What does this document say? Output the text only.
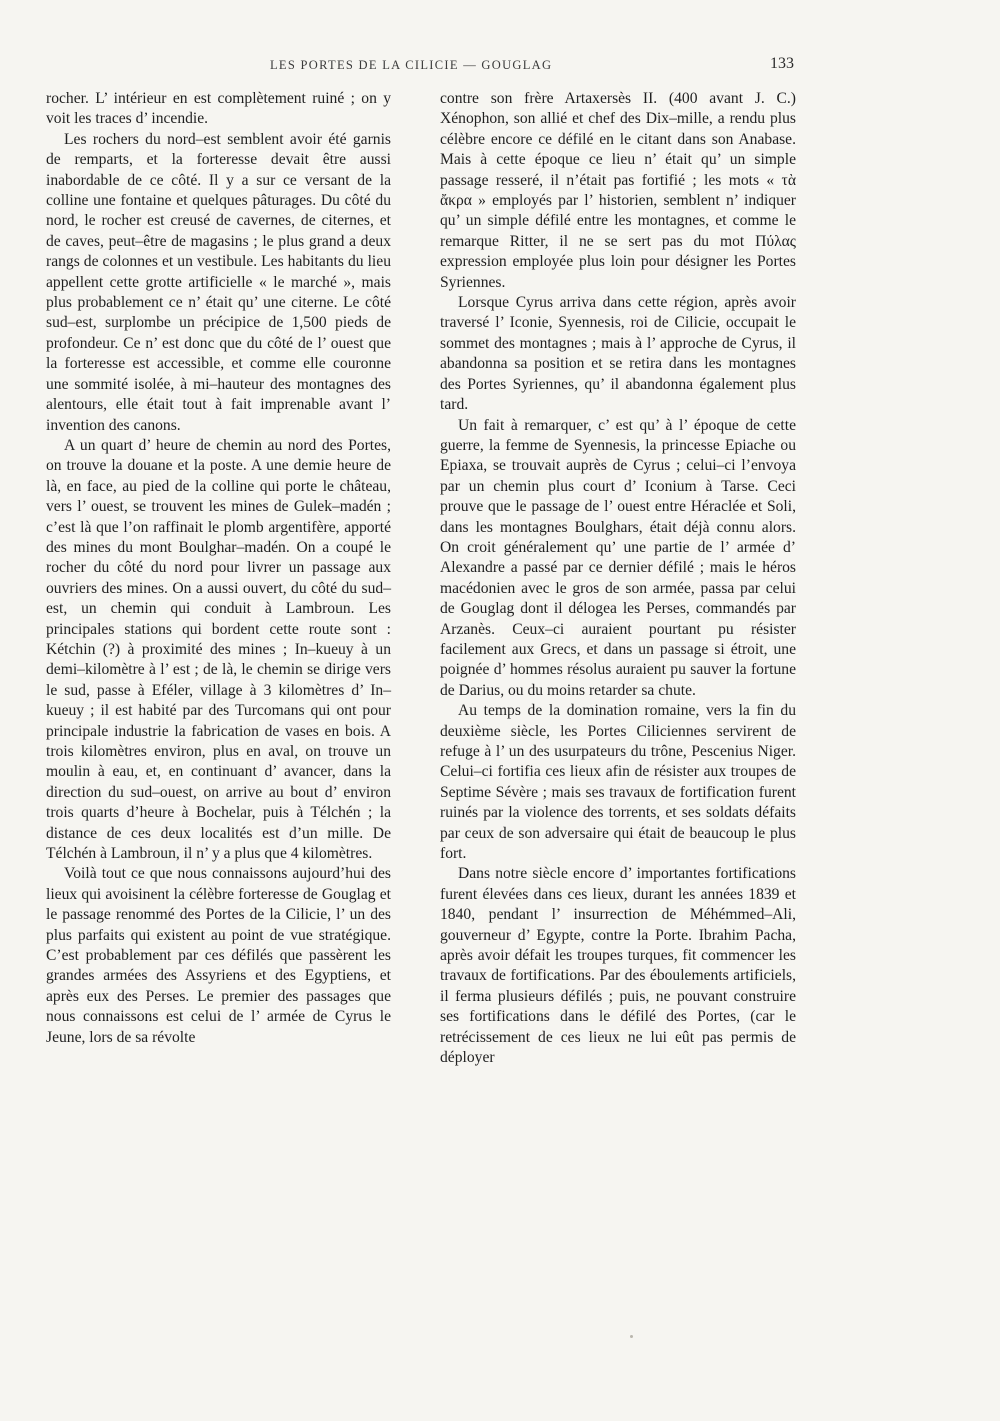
LES PORTES DE LA CILICIE — GOUGLAG	133

rocher. L’ intérieur en est complètement ruiné ; on y voit les traces d’ incendie.

Les rochers du nord–est semblent avoir été garnis de remparts, et la forteresse devait être aussi inabordable de ce côté. Il y a sur ce versant de la colline une fontaine et quelques pâturages. Du côté du nord, le rocher est creusé de cavernes, de citernes, et de caves, peut–être de magasins ; le plus grand a deux rangs de colonnes et un vestibule. Les habitants du lieu appellent cette grotte artificielle « le marché », mais plus probablement ce n’ était qu’ une citerne. Le côté sud–est, surplombe un précipice de 1,500 pieds de profondeur. Ce n’ est donc que du côté de l’ ouest que la forteresse est accessible, et comme elle couronne une sommité isolée, à mi–hauteur des montagnes des alentours, elle était tout à fait imprenable avant l’ invention des canons.

A un quart d’ heure de chemin au nord des Portes, on trouve la douane et la poste. A une demie heure de là, en face, au pied de la colline qui porte le château, vers l’ ouest, se trouvent les mines de Gulek–madén ; c’est là que l’on raffinait le plomb argentifère, apporté des mines du mont Boulghar–madén. On a coupé le rocher du côté du nord pour livrer un passage aux ouvriers des mines. On a aussi ouvert, du côté du sud–est, un chemin qui conduit à Lambroun. Les principales stations qui bordent cette route sont : Kétchin (?) à proximité des mines ; In–kueuy à un demi–kilomètre à l’ est ; de là, le chemin se dirige vers le sud, passe à Eféler, village à 3 kilomètres d’ In–kueuy ; il est habité par des Turcomans qui ont pour principale industrie la fabrication de vases en bois. A trois kilomètres environ, plus en aval, on trouve un moulin à eau, et, en continuant d’ avancer, dans la direction du sud–ouest, on arrive au bout d’ environ trois quarts d’heure à Bochelar, puis à Télchén ; la distance de ces deux localités est d’un mille. De Télchén à Lambroun, il n’ y a plus que 4 kilomètres.

Voilà tout ce que nous connaissons aujourd’hui des lieux qui avoisinent la célèbre forteresse de Gouglag et le passage renommé des Portes de la Cilicie, l’ un des plus parfaits qui existent au point de vue stratégique. C’est probablement par ces défilés que passèrent les grandes armées des Assyriens et des Egyptiens, et après eux des Perses. Le premier des passages que nous connaissons est celui de l’ armée de Cyrus le Jeune, lors de sa révolte

contre son frère Artaxersès II. (400 avant J. C.) Xénophon, son allié et chef des Dix–mille, a rendu plus célèbre encore ce défilé en le citant dans son Anabase. Mais à cette époque ce lieu n’ était qu’ un simple passage resseré, il n’était pas fortifié ; les mots « τὰ ἄκρα » employés par l’ historien, semblent n’ indiquer qu’ un simple défilé entre les montagnes, et comme le remarque Ritter, il ne se sert pas du mot Πύλας expression employée plus loin pour désigner les Portes Syriennes.

Lorsque Cyrus arriva dans cette région, après avoir traversé l’ Iconie, Syennesis, roi de Cilicie, occupait le sommet des montagnes ; mais à l’ approche de Cyrus, il abandonna sa position et se retira dans les montagnes des Portes Syriennes, qu’ il abandonna également plus tard.

Un fait à remarquer, c’ est qu’ à l’ époque de cette guerre, la femme de Syennesis, la princesse Epiache ou Epiaxa, se trouvait auprès de Cyrus ; celui–ci l’envoya par un chemin plus court d’ Iconium à Tarse. Ceci prouve que le passage de l’ ouest entre Héraclée et Soli, dans les montagnes Boulghars, était déjà connu alors. On croit généralement qu’ une partie de l’ armée d’ Alexandre a passé par ce dernier défilé ; mais le héros macédonien avec le gros de son armée, passa par celui de Gouglag dont il délogea les Perses, commandés par Arzanès. Ceux–ci auraient pourtant pu résister facilement aux Grecs, et dans un passage si étroit, une poignée d’ hommes résolus auraient pu sauver la fortune de Darius, ou du moins retarder sa chute.

Au temps de la domination romaine, vers la fin du deuxième siècle, les Portes Ciliciennes servirent de refuge à l’ un des usurpateurs du trône, Pescenius Niger. Celui–ci fortifia ces lieux afin de résister aux troupes de Septime Sévère ; mais ses travaux de fortification furent ruinés par la violence des torrents, et ses soldats défaits par ceux de son adversaire qui était de beaucoup le plus fort.

Dans notre siècle encore d’ importantes fortifications furent élevées dans ces lieux, durant les années 1839 et 1840, pendant l’ insurrection de Méhémmed–Ali, gouverneur d’ Egypte, contre la Porte. Ibrahim Pacha, après avoir défait les troupes turques, fit commencer les travaux de fortifications. Par des éboulements artificiels, il ferma plusieurs défilés ; puis, ne pouvant construire ses fortifications dans le défilé des Portes, (car le retrécissement de ces lieux ne lui eût pas permis de déployer
